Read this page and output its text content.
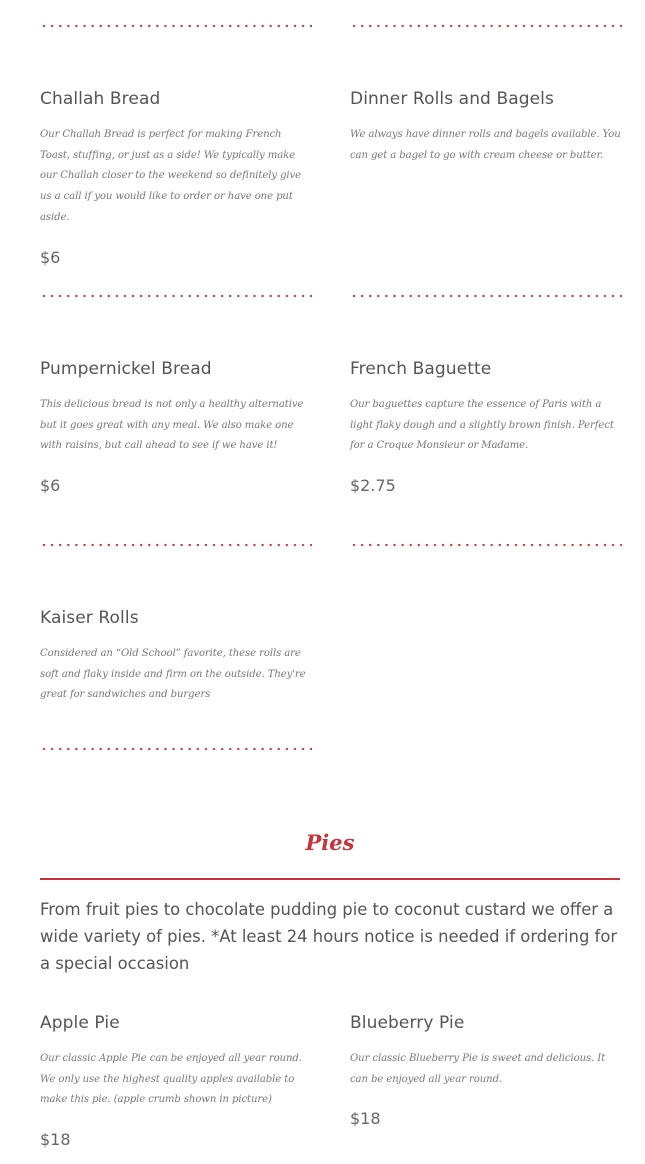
Challah Bread

Our Challah Bread is perfect for making French Toast, stuffing, or just as a side! We typically make our Challah closer to the weekend so definitely give us a call if you would like to order or have one put aside.

$6
Dinner Rolls and Bagels

We always have dinner rolls and bagels available. You can get a bagel to go with cream cheese or butter.

Pumpernickel Bread

This delicious bread is not only a healthy alternative but it goes great with any meal. We also make one with raisins, but call ahead to see if we have it!

$6
French Baguette

Our baguettes capture the essence of Paris with a light flaky dough and a slightly brown finish. Perfect for a Croque Monsieur or Madame.

$2.75
Kaiser Rolls

Considered an “Old School” favorite, these rolls are soft and flaky inside and firm on the outside. They're great for sandwiches and burgers

Pies
From fruit pies to chocolate pudding pie to coconut custard we offer a wide variety of pies. *At least 24 hours notice is needed if ordering for a special occasion
Apple Pie

Our classic Apple Pie can be enjoyed all year round. We only use the highest quality apples available to make this pie. (apple crumb shown in picture)

$18
Blueberry Pie

Our classic Blueberry Pie is sweet and delicious. It can be enjoyed all year round.

$18
